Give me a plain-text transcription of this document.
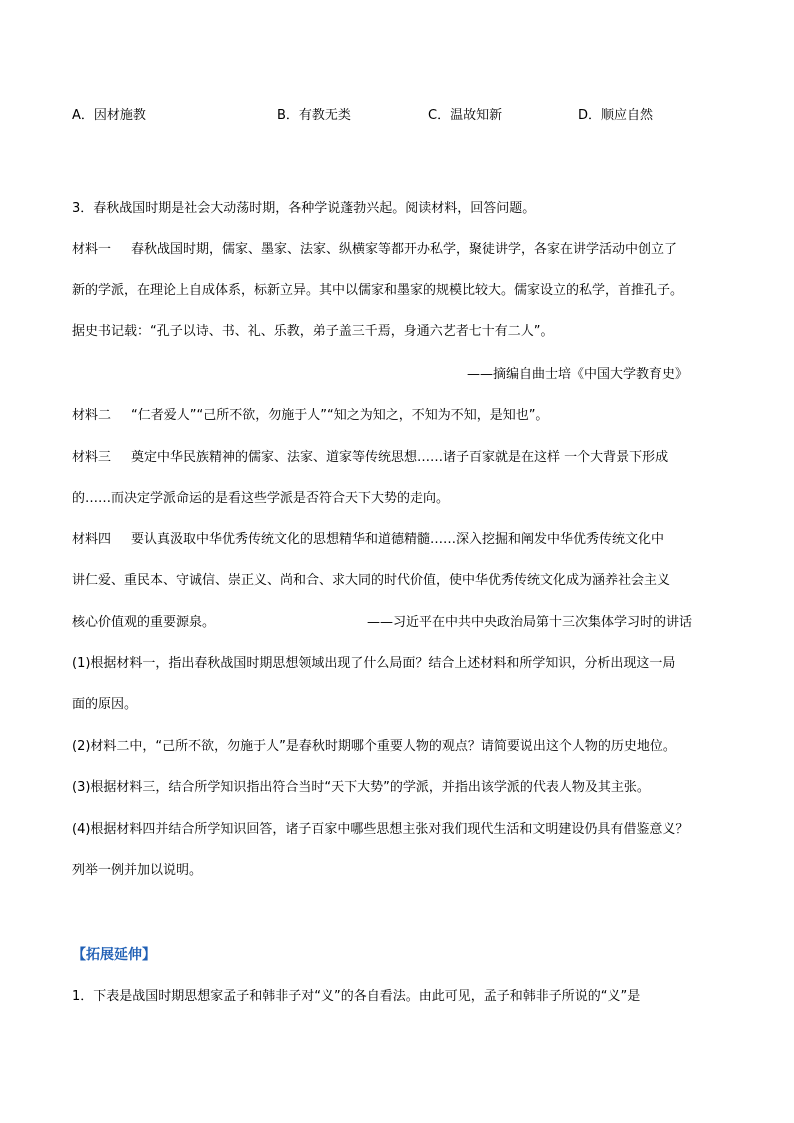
A．因材施教	B．有教无类	C．温故知新	D．顺应自然
3．春秋战国时期是社会大动荡时期，各种学说蓬勃兴起。阅读材料，回答问题。
材料一 春秋战国时期，儒家、墨家、法家、纵横家等都开办私学，聚徒讲学，各家在讲学活动中创立了
新的学派，在理论上自成体系，标新立异。其中以儒家和墨家的规模比较大。儒家设立的私学，首推孔子。
据史书记载：“孔子以诗、书、礼、乐教，弟子盖三千焉，身通六艺者七十有二人”。
——摘编自曲士培《中国大学教育史》
材料二 “仁者爱人”“己所不欲，勿施于人”“知之为知之，不知为不知，是知也”。
材料三 奠定中华民族精神的儒家、法家、道家等传统思想……诸子百家就是在这样 一个大背景下形成
的……而决定学派命运的是看这些学派是否符合天下大势的走向。
材料四 要认真汲取中华优秀传统文化的思想精华和道德精髓……深入挖掘和阐发中华优秀传统文化中
讲仁爱、重民本、守诚信、崇正义、尚和合、求大同的时代价值，使中华优秀传统文化成为涵养社会主义
核心价值观的重要源泉。	——习近平在中共中央政治局第十三次集体学习时的讲话
(1)根据材料一，指出春秋战国时期思想领域出现了什么局面？结合上述材料和所学知识，分析出现这一局
面的原因。
(2)材料二中，“己所不欲，勿施于人”是春秋时期哪个重要人物的观点？请简要说出这个人物的历史地位。
(3)根据材料三，结合所学知识指出符合当时“天下大势”的学派，并指出该学派的代表人物及其主张。
(4)根据材料四并结合所学知识回答，诸子百家中哪些思想主张对我们现代生活和文明建设仍具有借鉴意义？
列举一例并加以说明。
【拓展延伸】
1．下表是战国时期思想家孟子和韩非子对“义”的各自看法。由此可见，孟子和韩非子所说的“义”是
